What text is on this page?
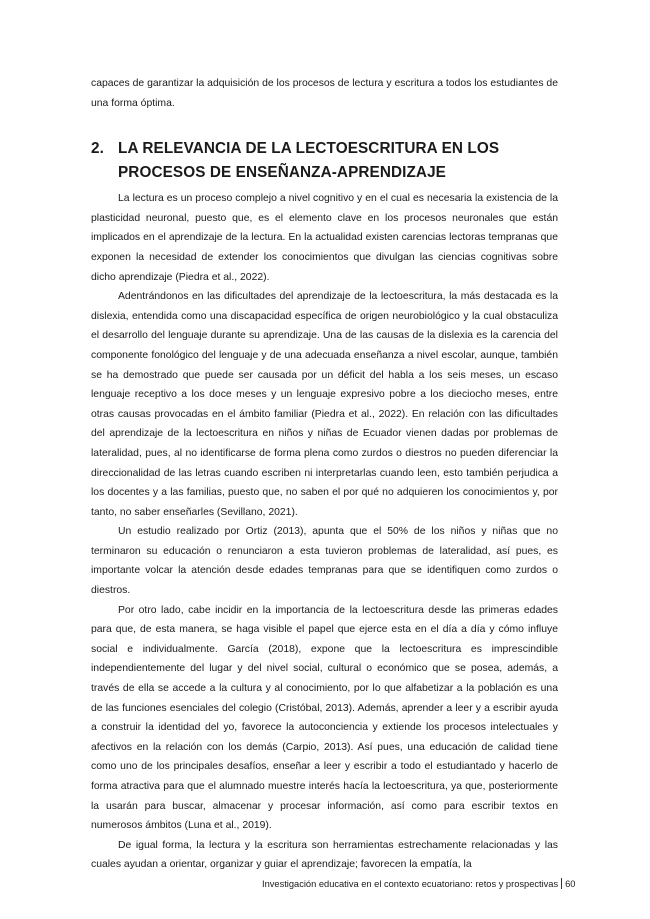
capaces de garantizar la adquisición de los procesos de lectura y escritura a todos los estudiantes de una forma óptima.

2. LA RELEVANCIA DE LA LECTOESCRITURA EN LOS PROCESOS DE ENSEÑANZA-APRENDIZAJE

La lectura es un proceso complejo a nivel cognitivo y en el cual es necesaria la existencia de la plasticidad neuronal, puesto que, es el elemento clave en los procesos neuronales que están implicados en el aprendizaje de la lectura. En la actualidad existen carencias lectoras tempranas que exponen la necesidad de extender los conocimientos que divulgan las ciencias cognitivas sobre dicho aprendizaje (Piedra et al., 2022).

Adentrándonos en las dificultades del aprendizaje de la lectoescritura, la más destacada es la dislexia, entendida como una discapacidad específica de origen neurobiológico y la cual obstaculiza el desarrollo del lenguaje durante su aprendizaje. Una de las causas de la dislexia es la carencia del componente fonológico del lenguaje y de una adecuada enseñanza a nivel escolar, aunque, también se ha demostrado que puede ser causada por un déficit del habla a los seis meses, un escaso lenguaje receptivo a los doce meses y un lenguaje expresivo pobre a los dieciocho meses, entre otras causas provocadas en el ámbito familiar (Piedra et al., 2022). En relación con las dificultades del aprendizaje de la lectoescritura en niños y niñas de Ecuador vienen dadas por problemas de lateralidad, pues, al no identificarse de forma plena como zurdos o diestros no pueden diferenciar la direccionalidad de las letras cuando escriben ni interpretarlas cuando leen, esto también perjudica a los docentes y a las familias, puesto que, no saben el por qué no adquieren los conocimientos y, por tanto, no saber enseñarles (Sevillano, 2021).

Un estudio realizado por Ortiz (2013), apunta que el 50% de los niños y niñas que no terminaron su educación o renunciaron a esta tuvieron problemas de lateralidad, así pues, es importante volcar la atención desde edades tempranas para que se identifiquen como zurdos o diestros.

Por otro lado, cabe incidir en la importancia de la lectoescritura desde las primeras edades para que, de esta manera, se haga visible el papel que ejerce esta en el día a día y cómo influye social e individualmente. García (2018), expone que la lectoescritura es imprescindible independientemente del lugar y del nivel social, cultural o económico que se posea, además, a través de ella se accede a la cultura y al conocimiento, por lo que alfabetizar a la población es una de las funciones esenciales del colegio (Cristóbal, 2013). Además, aprender a leer y a escribir ayuda a construir la identidad del yo, favorece la autoconciencia y extiende los procesos intelectuales y afectivos en la relación con los demás (Carpio, 2013). Así pues, una educación de calidad tiene como uno de los principales desafíos, enseñar a leer y escribir a todo el estudiantado y hacerlo de forma atractiva para que el alumnado muestre interés hacía la lectoescritura, ya que, posteriormente la usarán para buscar, almacenar y procesar información, así como para escribir textos en numerosos ámbitos (Luna et al., 2019).

De igual forma, la lectura y la escritura son herramientas estrechamente relacionadas y las cuales ayudan a orientar, organizar y guiar el aprendizaje; favorecen la empatía, la

Investigación educativa en el contexto ecuatoriano: retos y prospectivas 60
